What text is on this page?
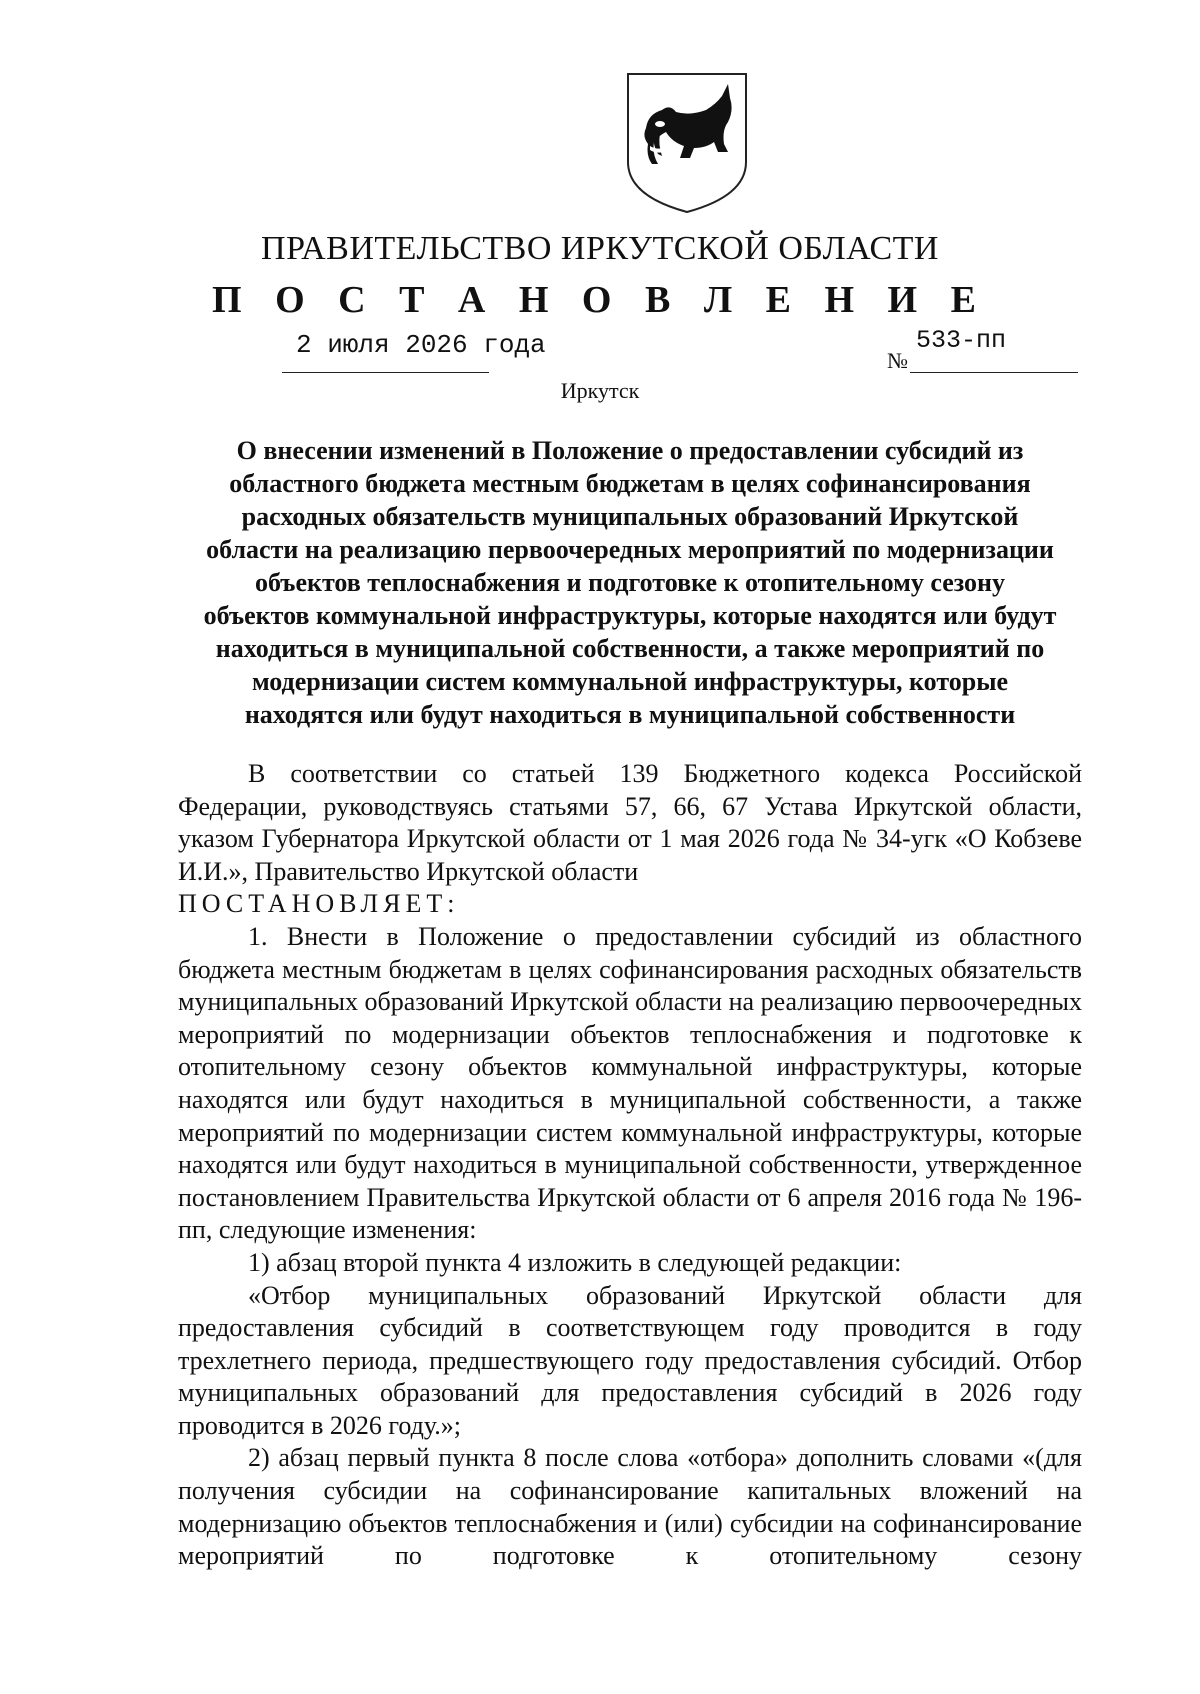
ПРАВИТЕЛЬСТВО ИРКУТСКОЙ ОБЛАСТИ
П О С Т А Н О В Л Е Н И Е
2 июля 2026 года
№
533-пп
Иркутск
О внесении изменений в Положение о предоставлении субсидий из
областного бюджета местным бюджетам в целях софинансирования
расходных обязательств муниципальных образований Иркутской
области на реализацию первоочередных мероприятий по модернизации
объектов теплоснабжения и подготовке к отопительному сезону
объектов коммунальной инфраструктуры, которые находятся или будут
находиться в муниципальной собственности, а также мероприятий по
модернизации систем коммунальной инфраструктуры, которые
находятся или будут находиться в муниципальной собственности

В соответствии со статьей 139 Бюджетного кодекса Российской Федерации, руководствуясь статьями 57, 66, 67 Устава Иркутской области, указом Губернатора Иркутской области от 1 мая 2026 года № 34-угк «О Кобзеве И.И.», Правительство Иркутской области

ПОСТАНОВЛЯЕТ:

1. Внести в Положение о предоставлении субсидий из областного бюджета местным бюджетам в целях софинансирования расходных обязательств муниципальных образований Иркутской области на реализацию первоочередных мероприятий по модернизации объектов теплоснабжения и подготовке к отопительному сезону объектов коммунальной инфраструктуры, которые находятся или будут находиться в муниципальной собственности, а также мероприятий по модернизации систем коммунальной инфраструктуры, которые находятся или будут находиться в муниципальной собственности, утвержденное постановлением Правительства Иркутской области от 6 апреля 2016 года № 196-пп, следующие изменения:

1) абзац второй пункта 4 изложить в следующей редакции:

«Отбор муниципальных образований Иркутской области для предоставления субсидий в соответствующем году проводится в году трехлетнего периода, предшествующего году предоставления субсидий. Отбор муниципальных образований для предоставления субсидий в 2026 году проводится в 2026 году.»;

2) абзац первый пункта 8 после слова «отбора» дополнить словами «(для получения субсидии на софинансирование капитальных вложений на модернизацию объектов теплоснабжения и (или) субсидии на софинансирование мероприятий по подготовке к отопительному сезону
